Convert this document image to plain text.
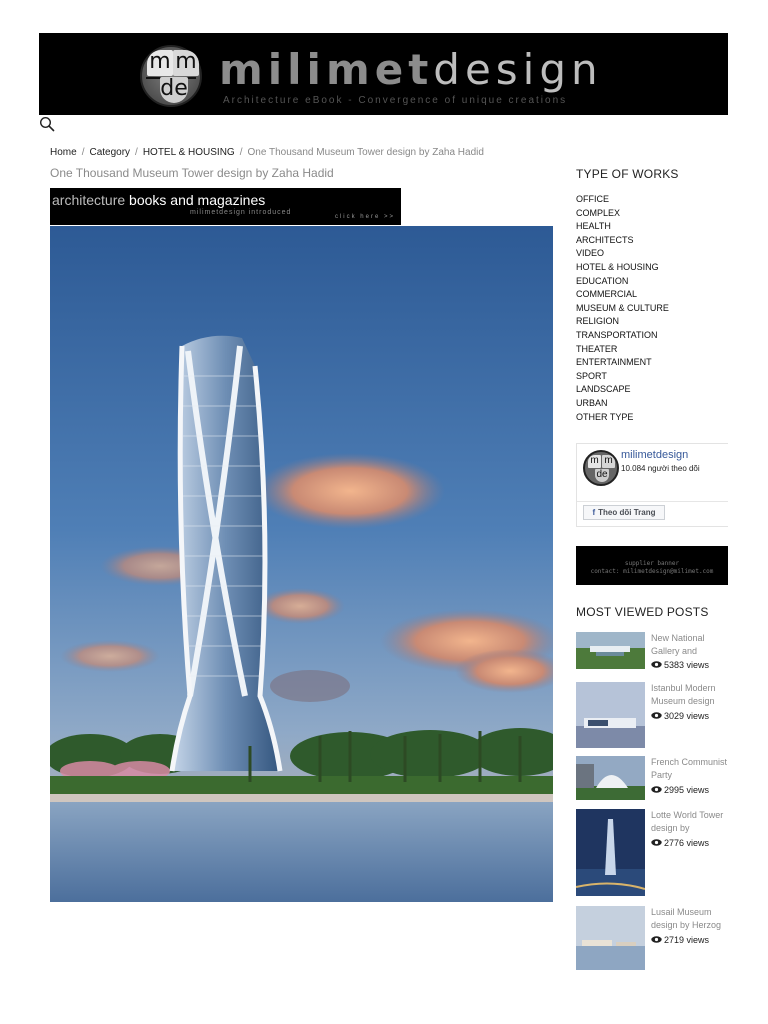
m m
de milimetdesign
Architecture eBook - Convergence of unique creations
Home / Category / HOTEL & HOUSING / One Thousand Museum Tower design by Zaha Hadid
One Thousand Museum Tower design by Zaha Hadid
architecture books and magazines
milimetdesign introduced
click here >>
TYPE OF WORKS
OFFICE
COMPLEX
HEALTH
ARCHITECTS
VIDEO
HOTEL & HOUSING
EDUCATION
COMMERCIAL
MUSEUM & CULTURE
RELIGION
TRANSPORTATION
THEATER
ENTERTAINMENT
SPORT
LANDSCAPE
URBAN
OTHER TYPE
m m
de
milimetdesign
10.084 người theo dõi
f Theo dõi Trang
supplier banner
contact: milimetdesign@milimet.com
MOST VIEWED POSTS
New National Gallery and
5383 views
Istanbul Modern Museum design
3029 views
French Communist Party
2995 views
Lotte World Tower design by
2776 views
Lusail Museum design by Herzog
2719 views
